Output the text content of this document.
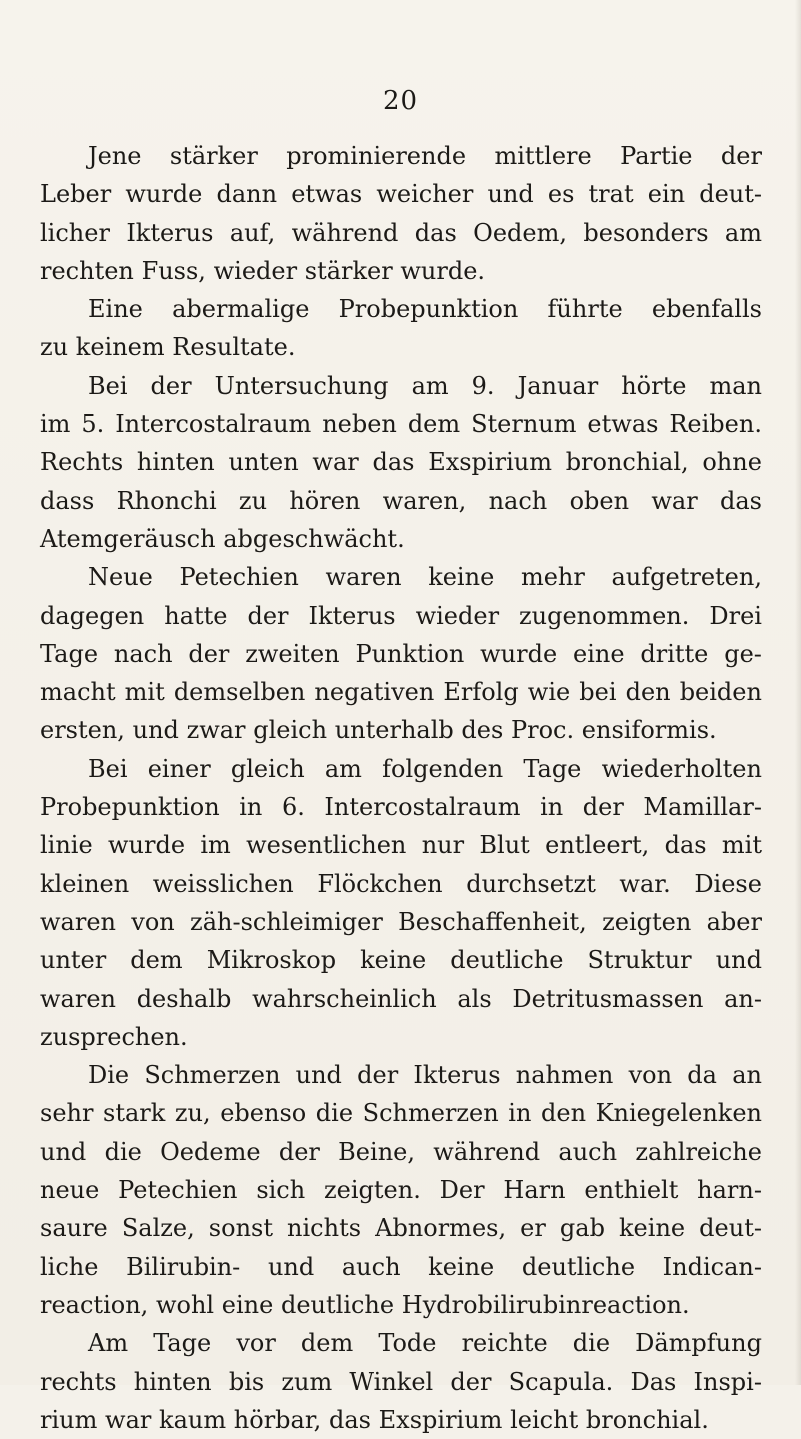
20
Jene stärker prominierende mittlere Partie der
Leber wurde dann etwas weicher und es trat ein deut-
licher Ikterus auf, während das Oedem, besonders am
rechten Fuss, wieder stärker wurde.
Eine abermalige Probepunktion führte ebenfalls
zu keinem Resultate.
Bei der Untersuchung am 9. Januar hörte man
im 5. Intercostalraum neben dem Sternum etwas Reiben.
Rechts hinten unten war das Exspirium bronchial, ohne
dass Rhonchi zu hören waren, nach oben war das
Atemgeräusch abgeschwächt.
Neue Petechien waren keine mehr aufgetreten,
dagegen hatte der Ikterus wieder zugenommen. Drei
Tage nach der zweiten Punktion wurde eine dritte ge-
macht mit demselben negativen Erfolg wie bei den beiden
ersten, und zwar gleich unterhalb des Proc. ensiformis.
Bei einer gleich am folgenden Tage wiederholten
Probepunktion in 6. Intercostalraum in der Mamillar-
linie wurde im wesentlichen nur Blut entleert, das mit
kleinen weisslichen Flöckchen durchsetzt war. Diese
waren von zäh-schleimiger Beschaffenheit, zeigten aber
unter dem Mikroskop keine deutliche Struktur und
waren deshalb wahrscheinlich als Detritusmassen an-
zusprechen.
Die Schmerzen und der Ikterus nahmen von da an
sehr stark zu, ebenso die Schmerzen in den Kniegelenken
und die Oedeme der Beine, während auch zahlreiche
neue Petechien sich zeigten. Der Harn enthielt harn-
saure Salze, sonst nichts Abnormes, er gab keine deut-
liche Bilirubin- und auch keine deutliche Indican-
reaction, wohl eine deutliche Hydrobilirubinreaction.
Am Tage vor dem Tode reichte die Dämpfung
rechts hinten bis zum Winkel der Scapula. Das Inspi-
rium war kaum hörbar, das Exspirium leicht bronchial.
